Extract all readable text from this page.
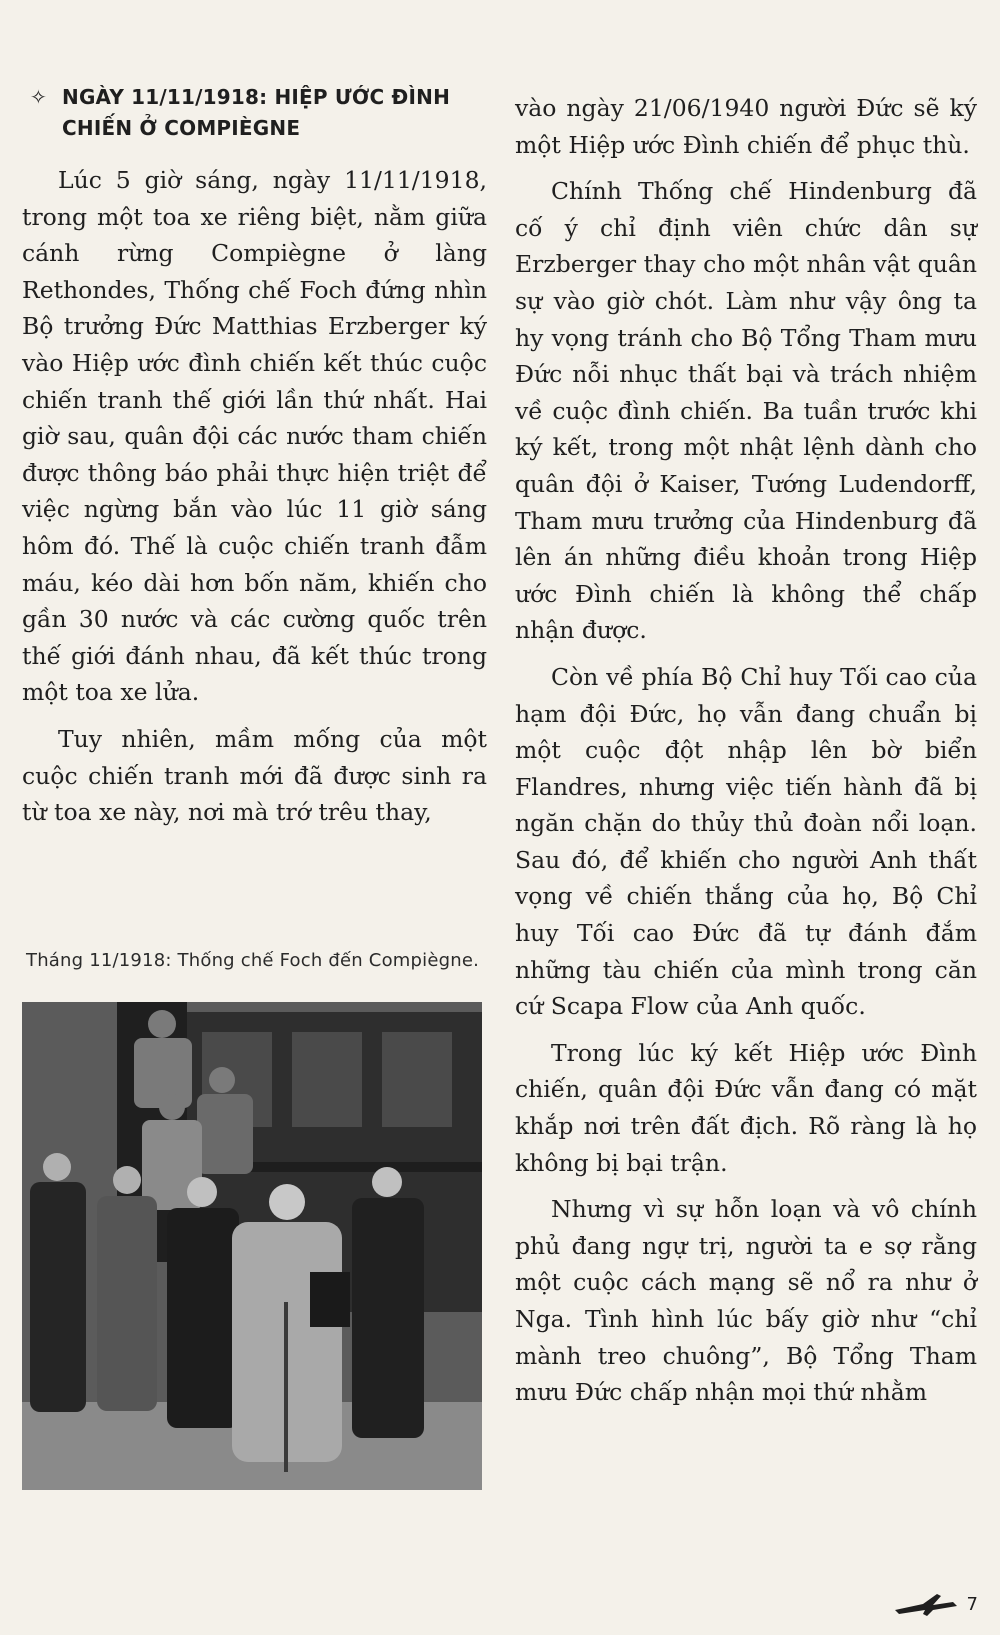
✧ NGÀY 11/11/1918: HIỆP ƯỚC ĐÌNH CHIẾN Ở COMPIÈGNE

Lúc 5 giờ sáng, ngày 11/11/1918, trong một toa xe riêng biệt, nằm giữa cánh rừng Compiègne ở làng Rethondes, Thống chế Foch đứng nhìn Bộ trưởng Đức Matthias Erzberger ký vào Hiệp ước đình chiến kết thúc cuộc chiến tranh thế giới lần thứ nhất. Hai giờ sau, quân đội các nước tham chiến được thông báo phải thực hiện triệt để việc ngừng bắn vào lúc 11 giờ sáng hôm đó. Thế là cuộc chiến tranh đẫm máu, kéo dài hơn bốn năm, khiến cho gần 30 nước và các cường quốc trên thế giới đánh nhau, đã kết thúc trong một toa xe lửa.

Tuy nhiên, mầm mống của một cuộc chiến tranh mới đã được sinh ra từ toa xe này, nơi mà trớ trêu thay,

Tháng 11/1918: Thống chế Foch đến Compiègne.

vào ngày 21/06/1940 người Đức sẽ ký một Hiệp ước Đình chiến để phục thù.

Chính Thống chế Hindenburg đã cố ý chỉ định viên chức dân sự Erzberger thay cho một nhân vật quân sự vào giờ chót. Làm như vậy ông ta hy vọng tránh cho Bộ Tổng Tham mưu Đức nỗi nhục thất bại và trách nhiệm về cuộc đình chiến. Ba tuần trước khi ký kết, trong một nhật lệnh dành cho quân đội ở Kaiser, Tướng Ludendorff, Tham mưu trưởng của Hindenburg đã lên án những điều khoản trong Hiệp ước Đình chiến là không thể chấp nhận được.

Còn về phía Bộ Chỉ huy Tối cao của hạm đội Đức, họ vẫn đang chuẩn bị một cuộc đột nhập lên bờ biển Flandres, nhưng việc tiến hành đã bị ngăn chặn do thủy thủ đoàn nổi loạn. Sau đó, để khiến cho người Anh thất vọng về chiến thắng của họ, Bộ Chỉ huy Tối cao Đức đã tự đánh đắm những tàu chiến của mình trong căn cứ Scapa Flow của Anh quốc.

Trong lúc ký kết Hiệp ước Đình chiến, quân đội Đức vẫn đang có mặt khắp nơi trên đất địch. Rõ ràng là họ không bị bại trận.

Nhưng vì sự hỗn loạn và vô chính phủ đang ngự trị, người ta e sợ rằng một cuộc cách mạng sẽ nổ ra như ở Nga. Tình hình lúc bấy giờ như “chỉ mành treo chuông”, Bộ Tổng Tham mưu Đức chấp nhận mọi thứ nhằm

7
